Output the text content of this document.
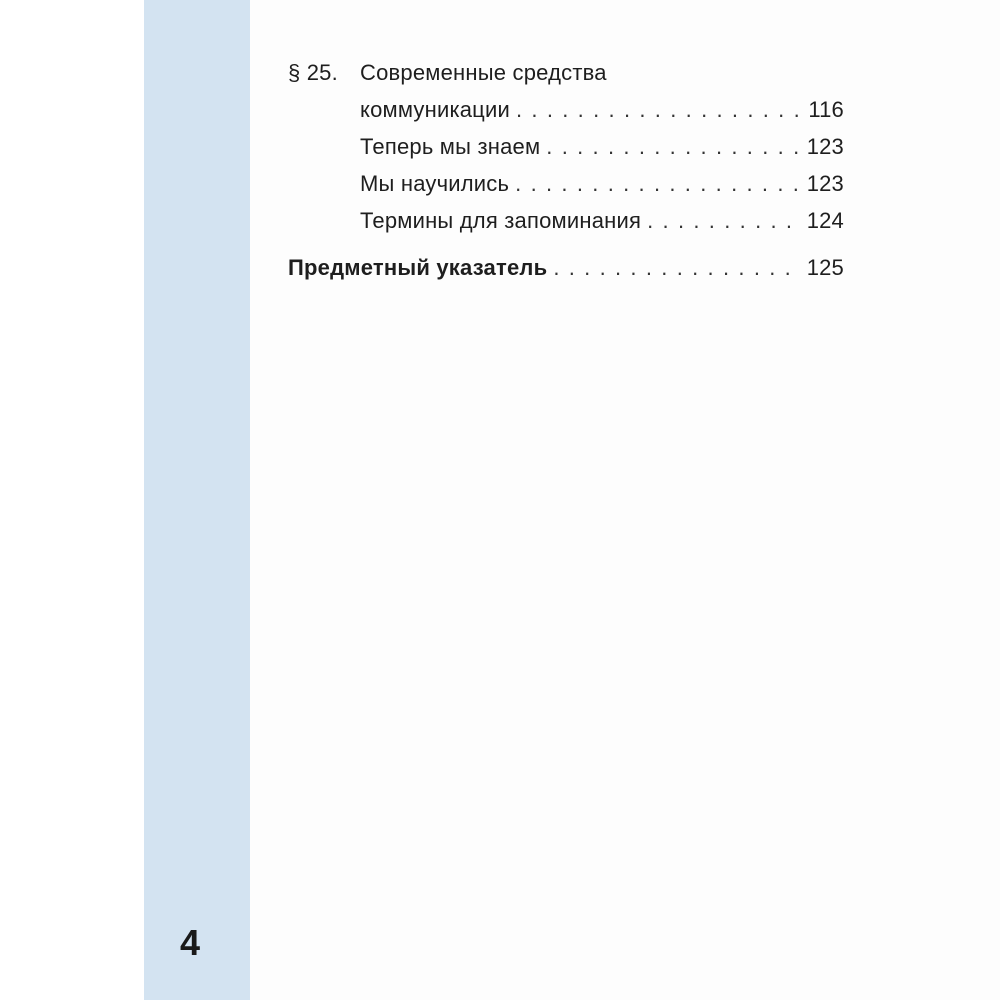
§ 25.	Современные средства
коммуникации . . .	116
Теперь мы знаем . . .	123
Мы научились . . .	123
Термины для запоминания . . .	124
Предметный указатель . . .	125
4
